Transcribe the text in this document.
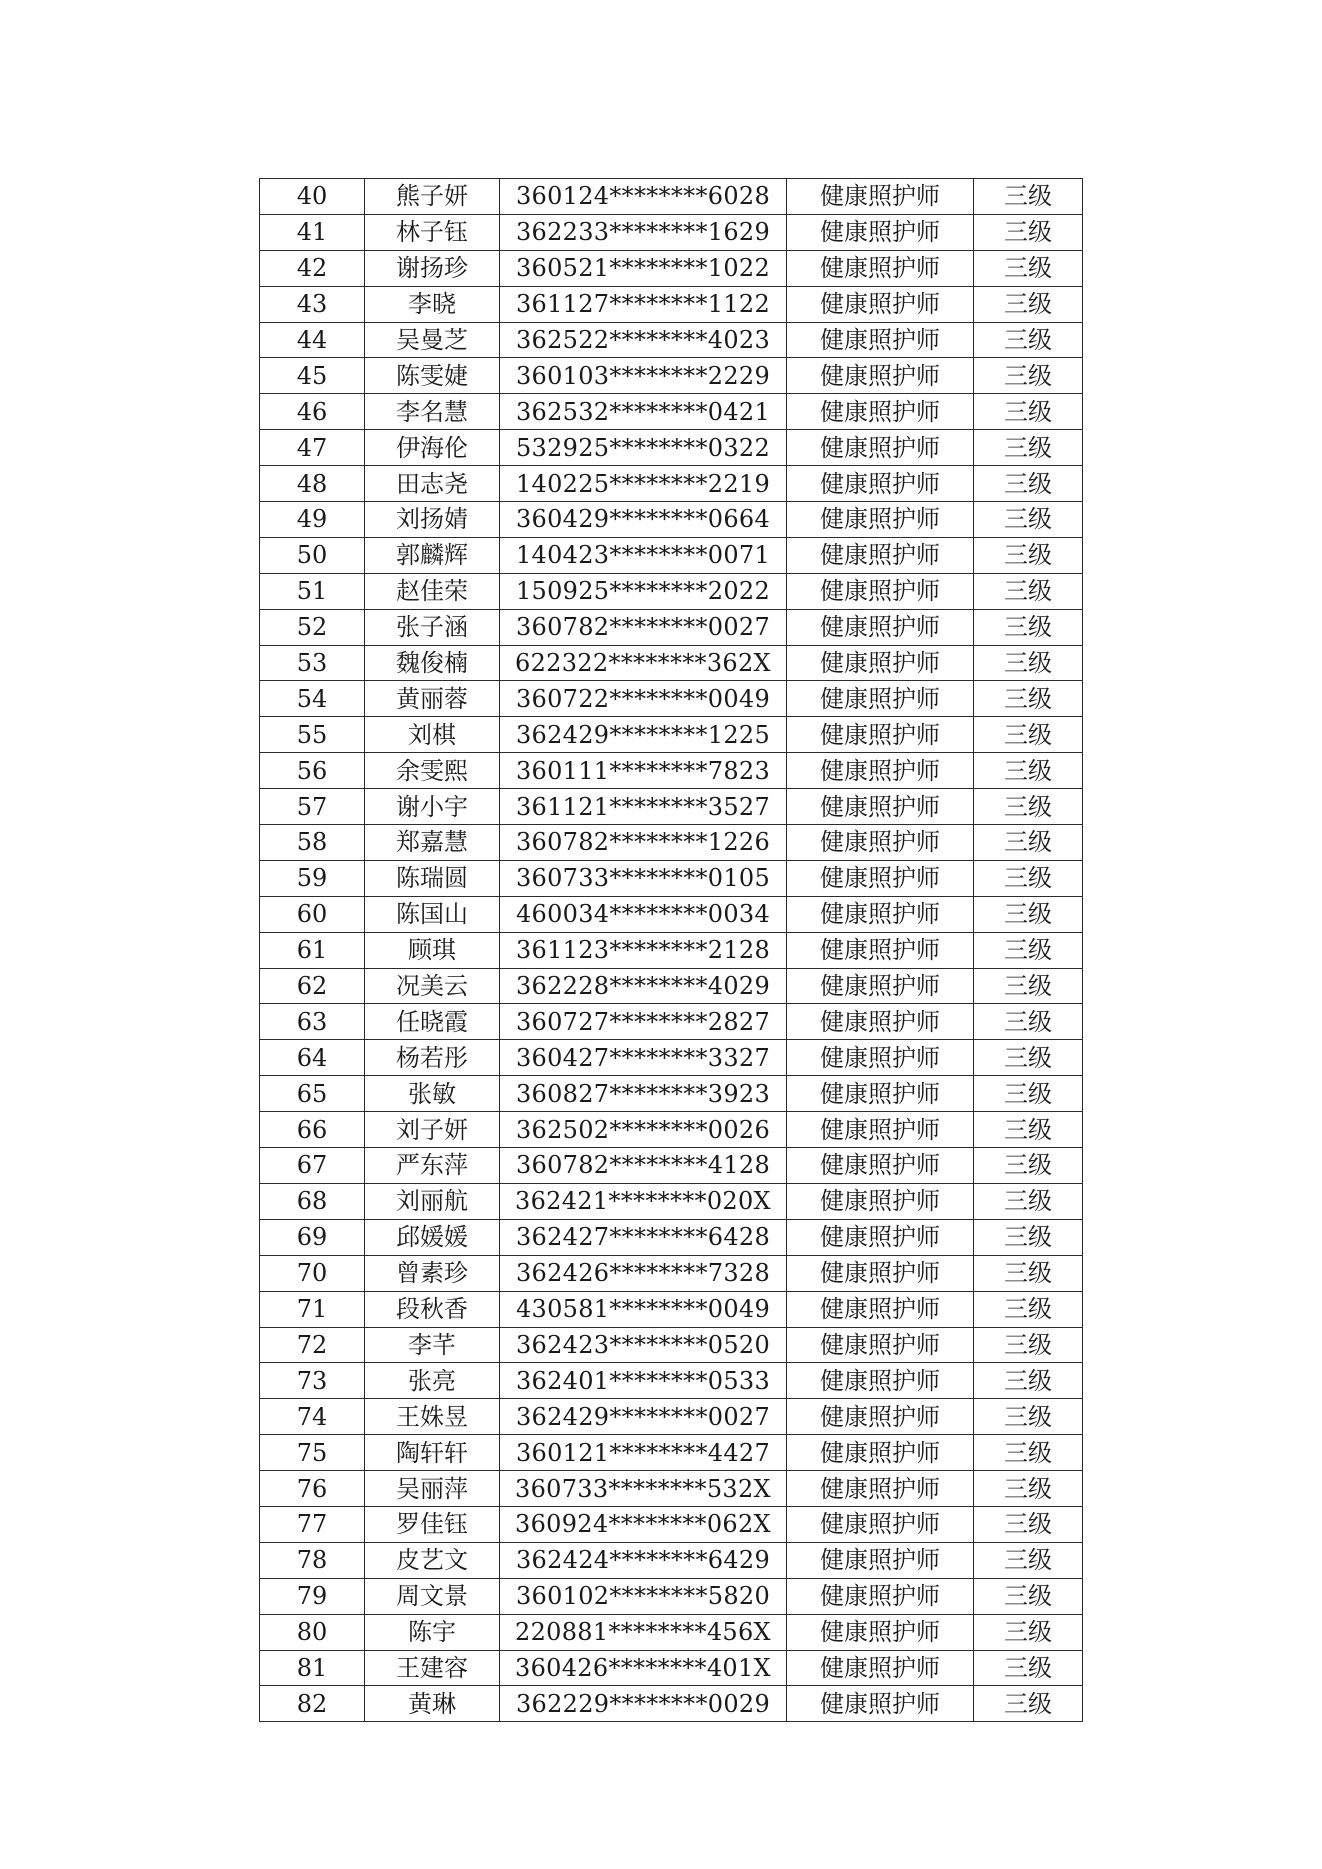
40	熊子妍	360124********6028	健康照护师	三级
41	林子钰	362233********1629	健康照护师	三级
42	谢扬珍	360521********1022	健康照护师	三级
43	李晓	361127********1122	健康照护师	三级
44	吴曼芝	362522********4023	健康照护师	三级
45	陈雯婕	360103********2229	健康照护师	三级
46	李名慧	362532********0421	健康照护师	三级
47	伊海伦	532925********0322	健康照护师	三级
48	田志尧	140225********2219	健康照护师	三级
49	刘扬婧	360429********0664	健康照护师	三级
50	郭麟辉	140423********0071	健康照护师	三级
51	赵佳荣	150925********2022	健康照护师	三级
52	张子涵	360782********0027	健康照护师	三级
53	魏俊楠	622322********362X	健康照护师	三级
54	黄丽蓉	360722********0049	健康照护师	三级
55	刘棋	362429********1225	健康照护师	三级
56	余雯熙	360111********7823	健康照护师	三级
57	谢小宇	361121********3527	健康照护师	三级
58	郑嘉慧	360782********1226	健康照护师	三级
59	陈瑞圆	360733********0105	健康照护师	三级
60	陈国山	460034********0034	健康照护师	三级
61	顾琪	361123********2128	健康照护师	三级
62	况美云	362228********4029	健康照护师	三级
63	任晓霞	360727********2827	健康照护师	三级
64	杨若彤	360427********3327	健康照护师	三级
65	张敏	360827********3923	健康照护师	三级
66	刘子妍	362502********0026	健康照护师	三级
67	严东萍	360782********4128	健康照护师	三级
68	刘丽航	362421********020X	健康照护师	三级
69	邱媛媛	362427********6428	健康照护师	三级
70	曾素珍	362426********7328	健康照护师	三级
71	段秋香	430581********0049	健康照护师	三级
72	李芊	362423********0520	健康照护师	三级
73	张亮	362401********0533	健康照护师	三级
74	王姝昱	362429********0027	健康照护师	三级
75	陶轩轩	360121********4427	健康照护师	三级
76	吴丽萍	360733********532X	健康照护师	三级
77	罗佳钰	360924********062X	健康照护师	三级
78	皮艺文	362424********6429	健康照护师	三级
79	周文景	360102********5820	健康照护师	三级
80	陈宇	220881********456X	健康照护师	三级
81	王建容	360426********401X	健康照护师	三级
82	黄琳	362229********0029	健康照护师	三级
